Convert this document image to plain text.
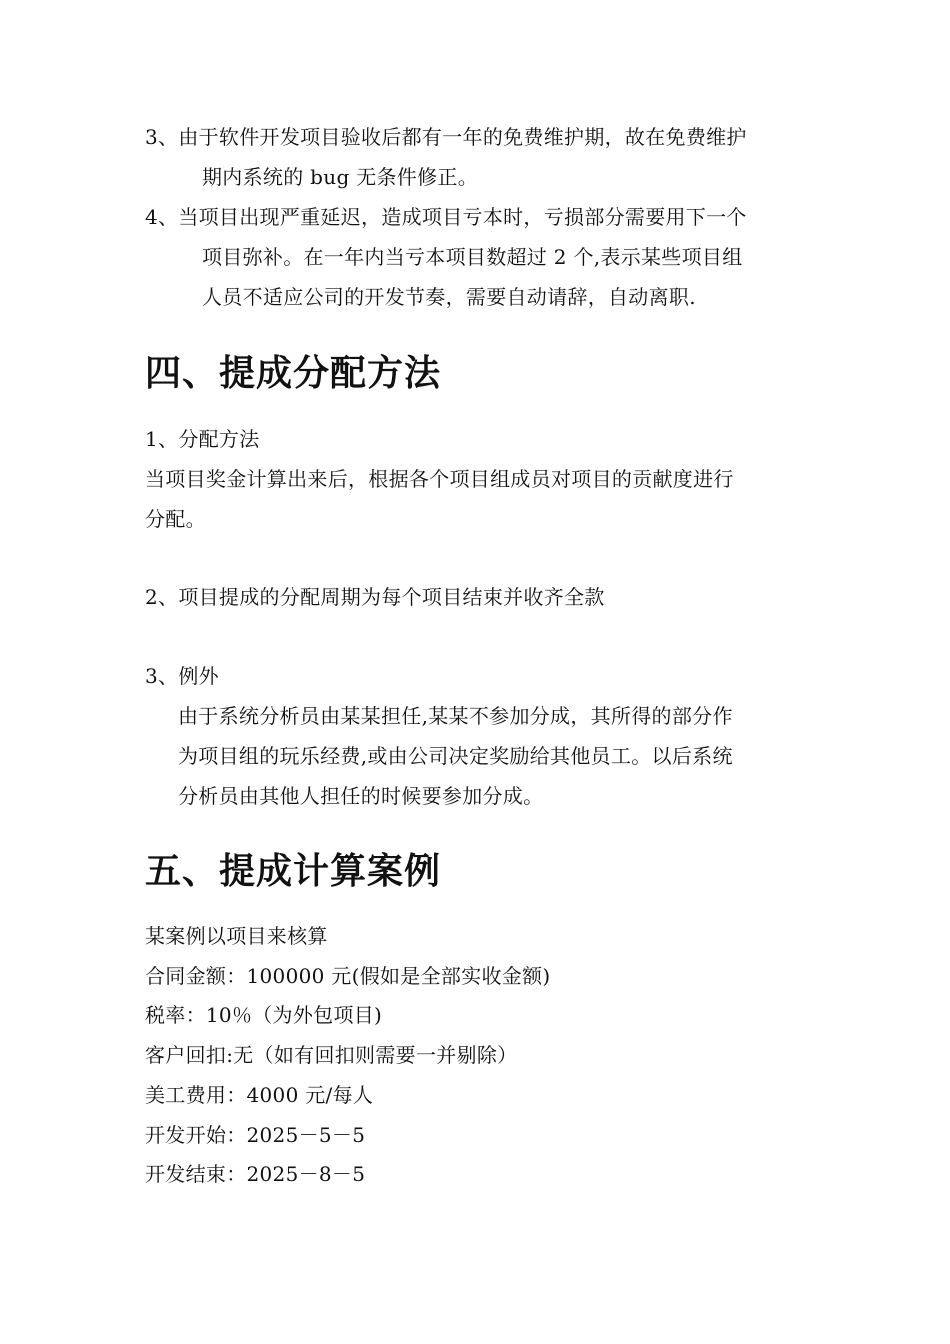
3、由于软件开发项目验收后都有一年的免费维护期，故在免费维护
期内系统的 bug 无条件修正。
4、当项目出现严重延迟，造成项目亏本时，亏损部分需要用下一个
项目弥补。在一年内当亏本项目数超过 2 个,表示某些项目组
人员不适应公司的开发节奏，需要自动请辞，自动离职.
四、提成分配方法
1、分配方法
当项目奖金计算出来后，根据各个项目组成员对项目的贡献度进行
分配。
2、项目提成的分配周期为每个项目结束并收齐全款
3、例外
由于系统分析员由某某担任,某某不参加分成，其所得的部分作
为项目组的玩乐经费,或由公司决定奖励给其他员工。以后系统
分析员由其他人担任的时候要参加分成。
五、提成计算案例
某案例以项目来核算
合同金额：100000 元(假如是全部实收金额)
税率：10％（为外包项目)
客户回扣:无（如有回扣则需要一并剔除）
美工费用：4000 元/每人
开发开始：2025－5－5
开发结束：2025－8－5
